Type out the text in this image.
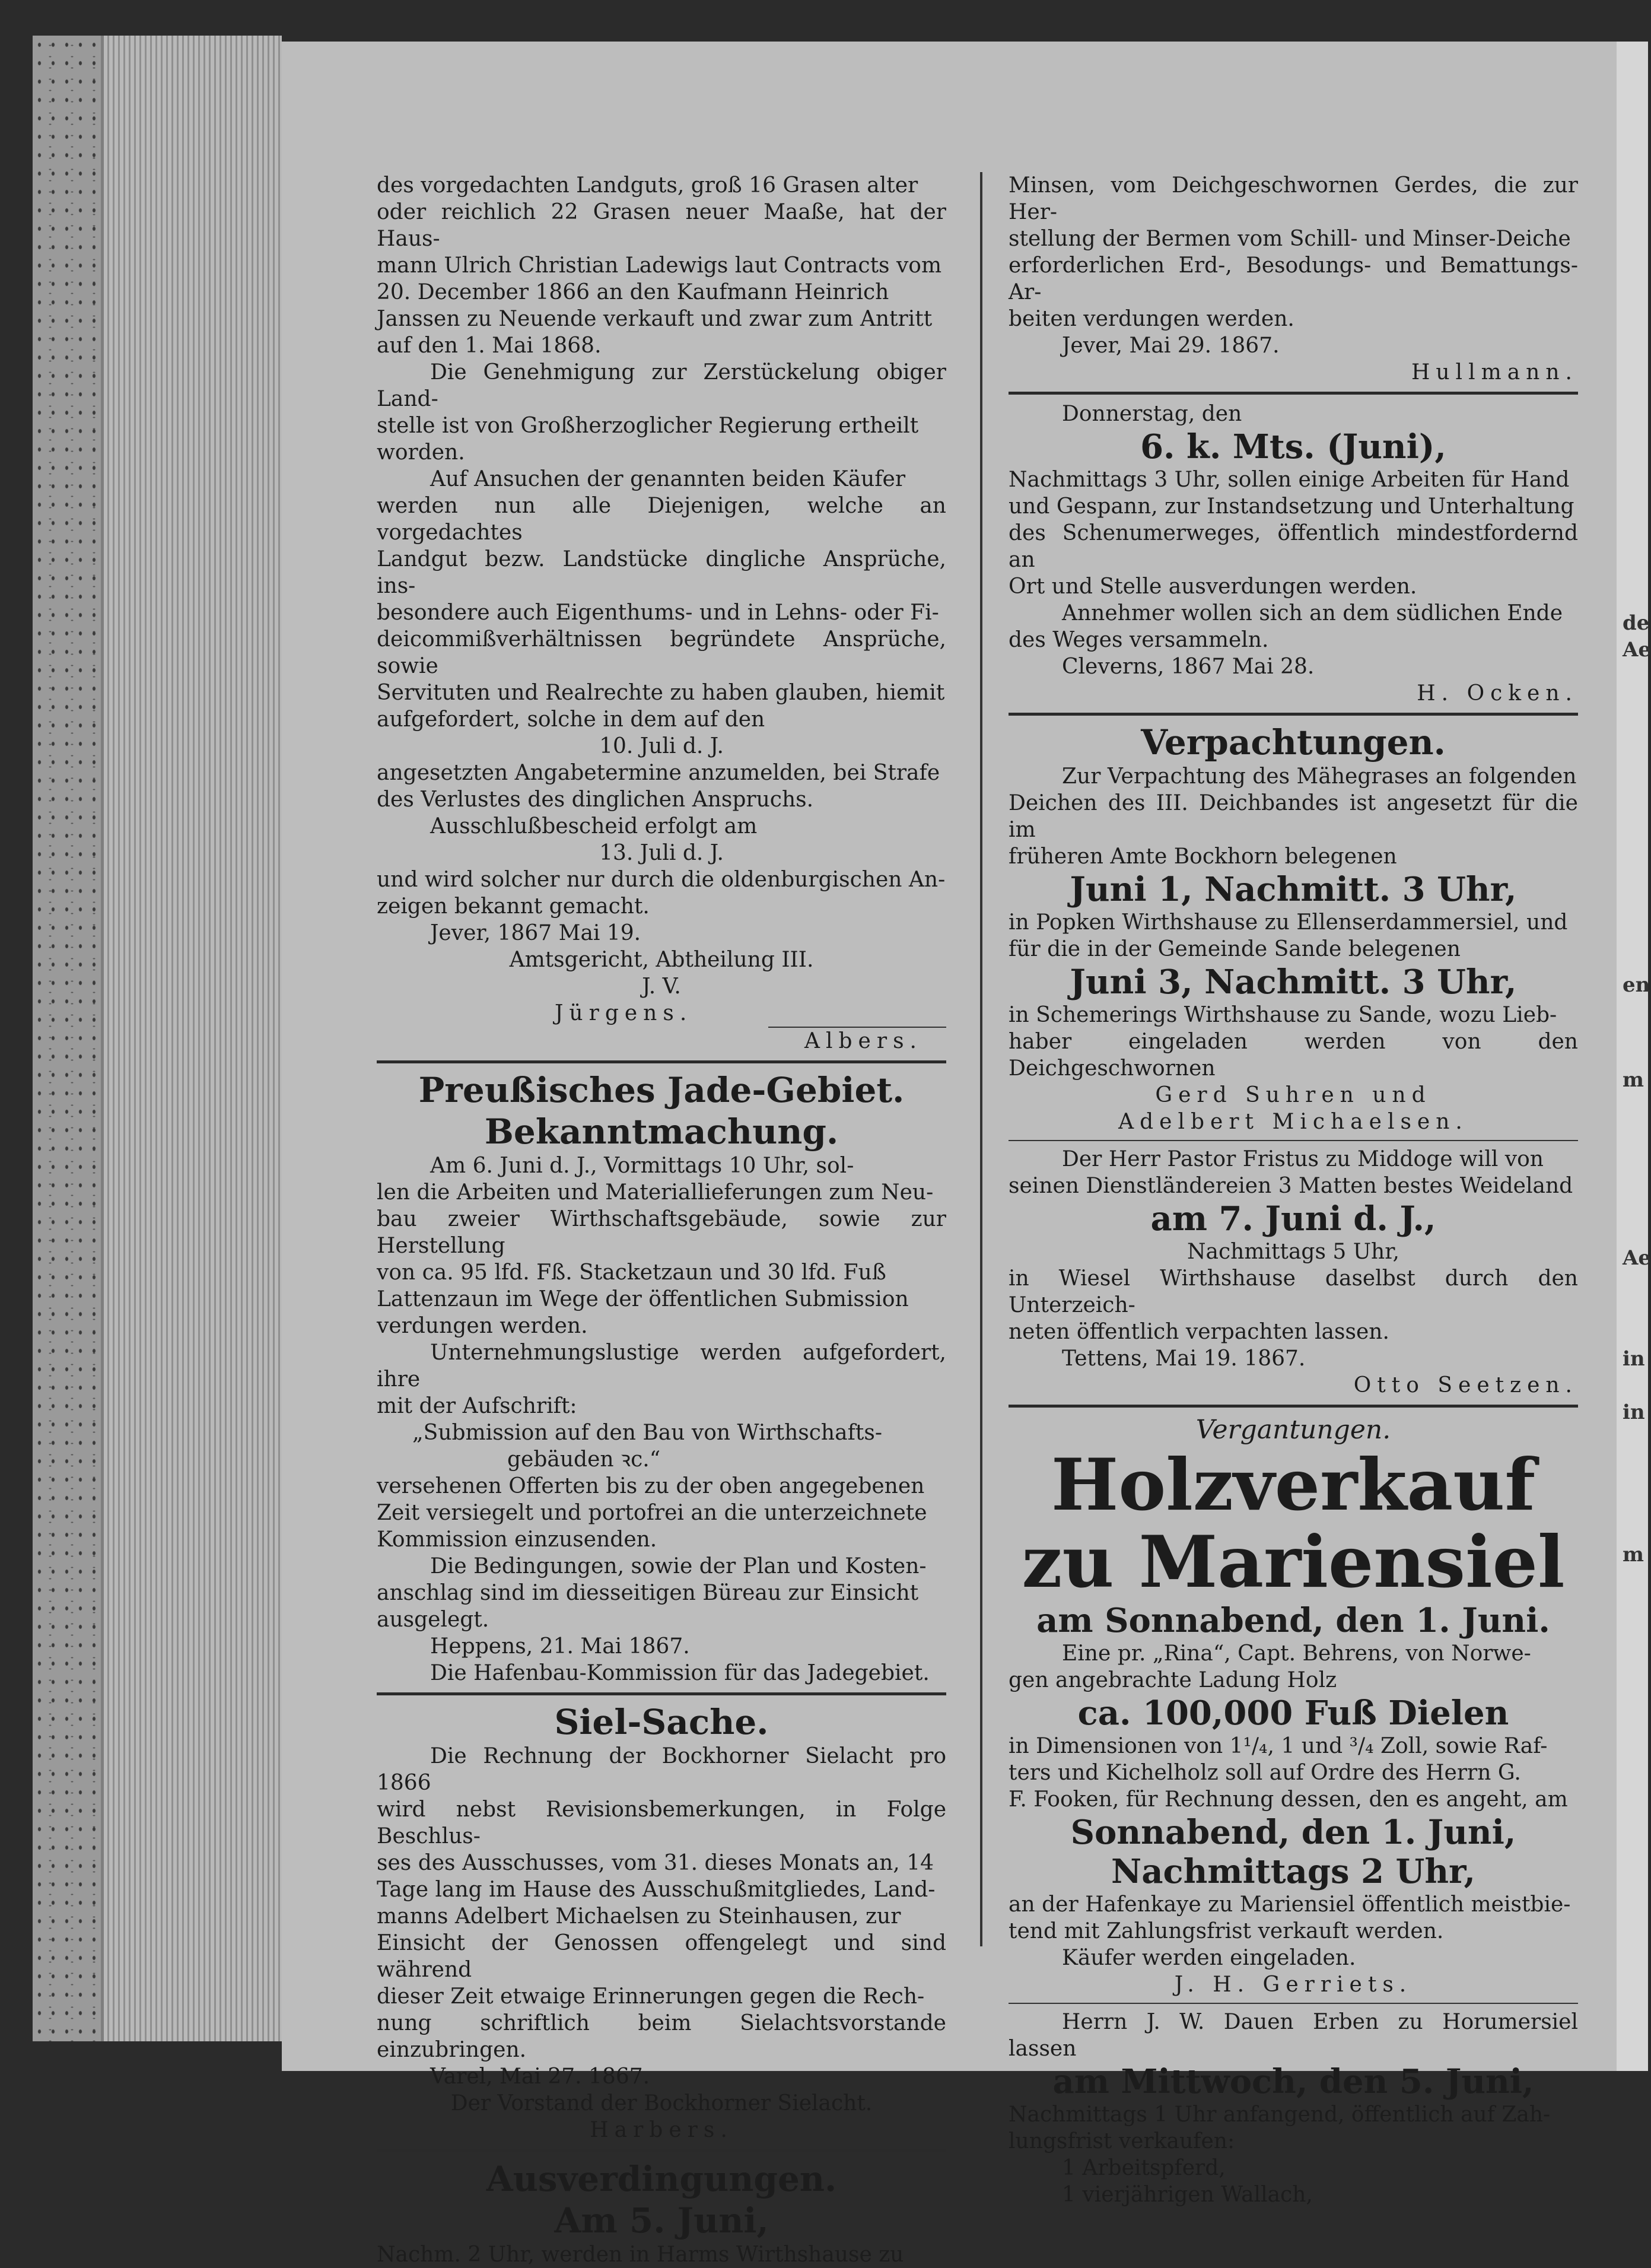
de
Ae
en
m
Ae
in
in
m

des vorgedachten Landguts, groß 16 Grasen alter

oder reichlich 22 Grasen neuer Maaße, hat der Haus-

mann Ulrich Christian Ladewigs laut Contracts vom

20. December 1866 an den Kaufmann Heinrich

Janssen zu Neuende verkauft und zwar zum Antritt

auf den 1. Mai 1868.

Die Genehmigung zur Zerstückelung obiger Land-

stelle ist von Großherzoglicher Regierung ertheilt

worden.

Auf Ansuchen der genannten beiden Käufer

werden nun alle Diejenigen, welche an vorgedachtes

Landgut bezw. Landstücke dingliche Ansprüche, ins-

besondere auch Eigenthums- und in Lehns- oder Fi-

deicommißverhältnissen begründete Ansprüche, sowie

Servituten und Realrechte zu haben glauben, hiemit

aufgefordert, solche in dem auf den

10. Juli d. J.

angesetzten Angabetermine anzumelden, bei Strafe

des Verlustes des dinglichen Anspruchs.

Ausschlußbescheid erfolgt am

13. Juli d. J.

und wird solcher nur durch die oldenburgischen An-

zeigen bekannt gemacht.

Jever, 1867 Mai 19.

Amtsgericht, Abtheilung III.

J. V.

Jürgens.

Albers.

Preußisches Jade-Gebiet.

Bekanntmachung.

Am 6. Juni d. J., Vormittags 10 Uhr, sol-

len die Arbeiten und Materiallieferungen zum Neu-

bau zweier Wirthschaftsgebäude, sowie zur Herstellung

von ca. 95 lfd. Fß. Stacketzaun und 30 lfd. Fuß

Lattenzaun im Wege der öffentlichen Submission

verdungen werden.

Unternehmungslustige werden aufgefordert, ihre

mit der Aufschrift:

„Submission auf den Bau von Wirthschafts-

gebäuden ꝛc.“

versehenen Offerten bis zu der oben angegebenen

Zeit versiegelt und portofrei an die unterzeichnete

Kommission einzusenden.

Die Bedingungen, sowie der Plan und Kosten-

anschlag sind im diesseitigen Büreau zur Einsicht

ausgelegt.

Heppens, 21. Mai 1867.

Die Hafenbau-Kommission für das Jadegebiet.

Siel-Sache.

Die Rechnung der Bockhorner Sielacht pro 1866

wird nebst Revisionsbemerkungen, in Folge Beschlus-

ses des Ausschusses, vom 31. dieses Monats an, 14

Tage lang im Hause des Ausschußmitgliedes, Land-

manns Adelbert Michaelsen zu Steinhausen, zur

Einsicht der Genossen offengelegt und sind während

dieser Zeit etwaige Erinnerungen gegen die Rech-

nung schriftlich beim Sielachtsvorstande einzubringen.

Varel, Mai 27. 1867.

Der Vorstand der Bockhorner Sielacht.

Harbers.

Ausverdingungen.

Am 5. Juni,

Nachm. 2 Uhr, werden in Harms Wirthshause zu

Minsen, vom Deichgeschwornen Gerdes, die zur Her-

stellung der Bermen vom Schill- und Minser-Deiche

erforderlichen Erd-, Besodungs- und Bemattungs-Ar-

beiten verdungen werden.

Jever, Mai 29. 1867.

Hullmann.

Donnerstag, den

6. k. Mts. (Juni),

Nachmittags 3 Uhr, sollen einige Arbeiten für Hand

und Gespann, zur Instandsetzung und Unterhaltung

des Schenumerweges, öffentlich mindestfordernd an

Ort und Stelle ausverdungen werden.

Annehmer wollen sich an dem südlichen Ende

des Weges versammeln.

Cleverns, 1867 Mai 28.

H. Ocken.

Verpachtungen.

Zur Verpachtung des Mähegrases an folgenden

Deichen des III. Deichbandes ist angesetzt für die im

früheren Amte Bockhorn belegenen

Juni 1, Nachmitt. 3 Uhr,

in Popken Wirthshause zu Ellenserdammersiel, und

für die in der Gemeinde Sande belegenen

Juni 3, Nachmitt. 3 Uhr,

in Schemerings Wirthshause zu Sande, wozu Lieb-

haber eingeladen werden von den Deichgeschwornen

Gerd Suhren und

Adelbert Michaelsen.

Der Herr Pastor Fristus zu Middoge will von

seinen Dienstländereien 3 Matten bestes Weideland

am 7. Juni d. J.,

Nachmittags 5 Uhr,

in Wiesel Wirthshause daselbst durch den Unterzeich-

neten öffentlich verpachten lassen.

Tettens, Mai 19. 1867.

Otto Seetzen.

Vergantungen.

Holzverkauf

zu Mariensiel

am Sonnabend, den 1. Juni.

Eine pr. „Rina“, Capt. Behrens, von Norwe-

gen angebrachte Ladung Holz

ca. 100,000 Fuß Dielen

in Dimensionen von 1¹/₄, 1 und ³/₄ Zoll, sowie Raf-

ters und Kichelholz soll auf Ordre des Herrn G.

F. Fooken, für Rechnung dessen, den es angeht, am

Sonnabend, den 1. Juni,

Nachmittags 2 Uhr,

an der Hafenkaye zu Mariensiel öffentlich meistbie-

tend mit Zahlungsfrist verkauft werden.

Käufer werden eingeladen.

J. H. Gerriets.

Herrn J. W. Dauen Erben zu Horumersiel lassen

am Mittwoch, den 5. Juni,

Nachmittags 1 Uhr anfangend, öffentlich auf Zah-

lungsfrist verkaufen:

1 Arbeitspferd,

1 vierjährigen Wallach,
